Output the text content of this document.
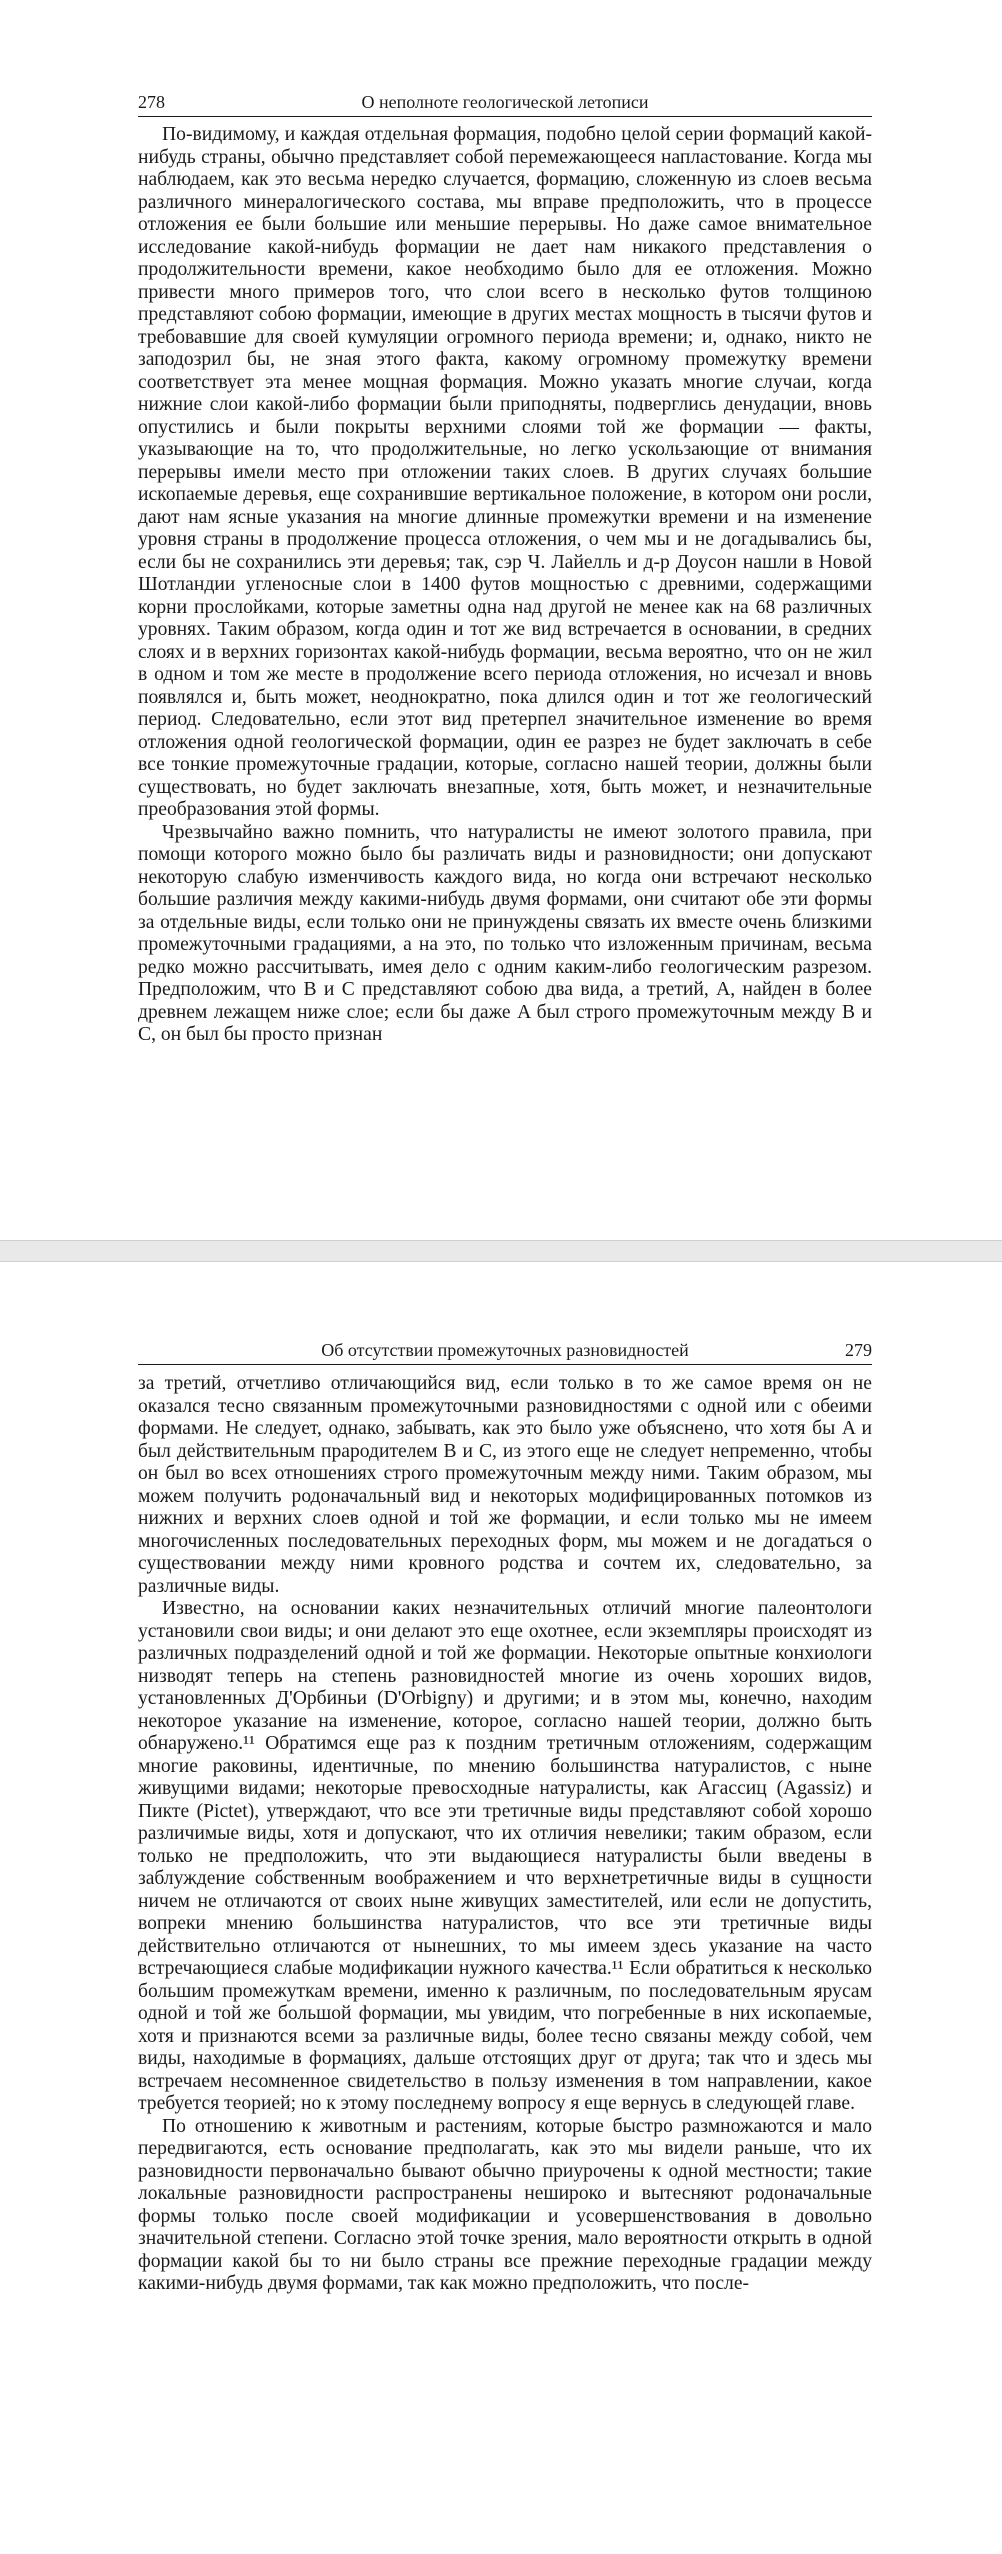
278	О неполноте геологической летописи

По-видимому, и каждая отдельная формация, подобно целой серии формаций какой-нибудь страны, обычно представляет собой перемежающееся напластование. Когда мы наблюдаем, как это весьма нередко случается, формацию, сложенную из слоев весьма различного минералогического состава, мы вправе предположить, что в процессе отложения ее были большие или меньшие перерывы. Но даже самое внимательное исследование какой-нибудь формации не дает нам никакого представления о продолжительности времени, какое необходимо было для ее отложения. Можно привести много примеров того, что слои всего в несколько футов толщиною представляют собою формации, имеющие в других местах мощность в тысячи футов и требовавшие для своей кумуляции огромного периода времени; и, однако, никто не заподозрил бы, не зная этого факта, какому огромному промежутку времени соответствует эта менее мощная формация. Можно указать многие случаи, когда нижние слои какой-либо формации были приподняты, подверглись денудации, вновь опустились и были покрыты верхними слоями той же формации — факты, указывающие на то, что продолжительные, но легко ускользающие от внимания перерывы имели место при отложении таких слоев. В других случаях большие ископаемые деревья, еще сохранившие вертикальное положение, в котором они росли, дают нам ясные указания на многие длинные промежутки времени и на изменение уровня страны в продолжение процесса отложения, о чем мы и не догадывались бы, если бы не сохранились эти деревья; так, сэр Ч. Лайелль и д-р Доусон нашли в Новой Шотландии угленосные слои в 1400 футов мощностью с древними, содержащими корни прослойками, которые заметны одна над другой не менее как на 68 различных уровнях. Таким образом, когда один и тот же вид встречается в основании, в средних слоях и в верхних горизонтах какой-нибудь формации, весьма вероятно, что он не жил в одном и том же месте в продолжение всего периода отложения, но исчезал и вновь появлялся и, быть может, неоднократно, пока длился один и тот же геологический период. Следовательно, если этот вид претерпел значительное изменение во время отложения одной геологической формации, один ее разрез не будет заключать в себе все тонкие промежуточные градации, которые, согласно нашей теории, должны были существовать, но будет заключать внезапные, хотя, быть может, и незначительные преобразования этой формы.

Чрезвычайно важно помнить, что натуралисты не имеют золотого правила, при помощи которого можно было бы различать виды и разновидности; они допускают некоторую слабую изменчивость каждого вида, но когда они встречают несколько большие различия между какими-нибудь двумя формами, они считают обе эти формы за отдельные виды, если только они не принуждены связать их вместе очень близкими промежуточными градациями, а на это, по только что изложенным причинам, весьма редко можно рассчитывать, имея дело с одним каким-либо геологическим разрезом. Предположим, что B и C представляют собою два вида, а третий, A, найден в более древнем лежащем ниже слое; если бы даже A был строго промежуточным между B и C, он был бы просто признан

Об отсутствии промежуточных разновидностей	279

за третий, отчетливо отличающийся вид, если только в то же самое время он не оказался тесно связанным промежуточными разновидностями с одной или с обеими формами. Не следует, однако, забывать, как это было уже объяснено, что хотя бы A и был действительным прародителем B и C, из этого еще не следует непременно, чтобы он был во всех отношениях строго промежуточным между ними. Таким образом, мы можем получить родоначальный вид и некоторых модифицированных потомков из нижних и верхних слоев одной и той же формации, и если только мы не имеем многочисленных последовательных переходных форм, мы можем и не догадаться о существовании между ними кровного родства и сочтем их, следовательно, за различные виды.

Известно, на основании каких незначительных отличий многие палеонтологи установили свои виды; и они делают это еще охотнее, если экземпляры происходят из различных подразделений одной и той же формации. Некоторые опытные конхиологи низводят теперь на степень разновидностей многие из очень хороших видов, установленных Д'Орбиньи (D'Orbigny) и другими; и в этом мы, конечно, находим некоторое указание на изменение, которое, согласно нашей теории, должно быть обнаружено.¹¹ Обратимся еще раз к поздним третичным отложениям, содержащим многие раковины, идентичные, по мнению большинства натуралистов, с ныне живущими видами; некоторые превосходные натуралисты, как Агассиц (Agassiz) и Пикте (Pictet), утверждают, что все эти третичные виды представляют собой хорошо различимые виды, хотя и допускают, что их отличия невелики; таким образом, если только не предположить, что эти выдающиеся натуралисты были введены в заблуждение собственным воображением и что верхнетретичные виды в сущности ничем не отличаются от своих ныне живущих заместителей, или если не допустить, вопреки мнению большинства натуралистов, что все эти третичные виды действительно отличаются от нынешних, то мы имеем здесь указание на часто встречающиеся слабые модификации нужного качества.¹¹ Если обратиться к несколько большим промежуткам времени, именно к различным, по последовательным ярусам одной и той же большой формации, мы увидим, что погребенные в них ископаемые, хотя и признаются всеми за различные виды, более тесно связаны между собой, чем виды, находимые в формациях, дальше отстоящих друг от друга; так что и здесь мы встречаем несомненное свидетельство в пользу изменения в том направлении, какое требуется теорией; но к этому последнему вопросу я еще вернусь в следующей главе.

По отношению к животным и растениям, которые быстро размножаются и мало передвигаются, есть основание предполагать, как это мы видели раньше, что их разновидности первоначально бывают обычно приурочены к одной местности; такие локальные разновидности распространены неширoко и вытесняют родоначальные формы только после своей модификации и усовершенствования в довольно значительной степени. Согласно этой точке зрения, мало вероятности открыть в одной формации какой бы то ни было страны все прежние переходные градации между какими-нибудь двумя формами, так как можно предположить, что после-
